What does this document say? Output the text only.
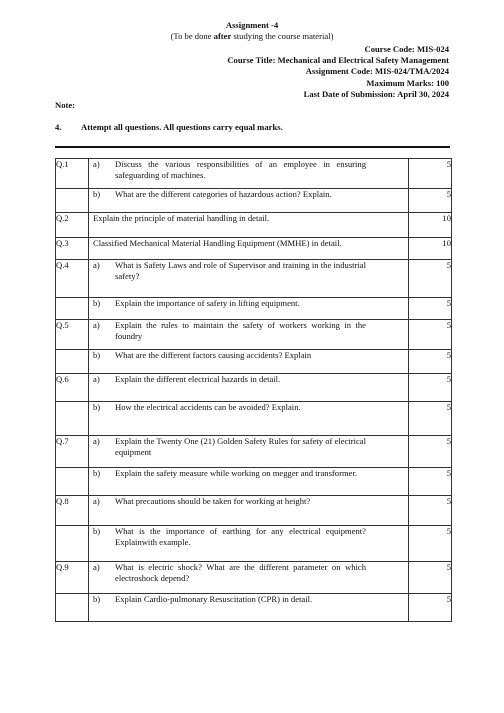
Assignment -4
(To be done after studying the course material)
Course Code: MIS-024
Course Title: Mechanical and Electrical Safety Management
Assignment Code: MIS-024/TMA/2024
Maximum Marks: 100
Last Date of Submission: April 30, 2024
Note:
4. Attempt all questions. All questions carry equal marks.
Q.1	a) Discuss the various responsibilities of an employee in ensuring safeguarding of machines.	5

	b) What are the different categories of hazardous action? Explain.	5
Q.2	Explain the principle of material handling in detail.	10
Q.3	Classified Mechanical Material Handling Equipment (MMHE) in detail.	10
Q.4	a) What is Safety Laws and role of Supervisor and training in the industrial safety?	5

	b) Explain the importance of safety in lifting equipment.	5
Q.5	a) Explain the rules to maintain the safety of workers working in the foundry	5

	b) What are the different factors causing accidents? Explain	5
Q.6	a) Explain the different electrical hazards in detail.	5

	b) How the electrical accidents can be avoided? Explain.	5
Q.7	a) Explain the Twenty One (21) Golden Safety Rules for safety of electrical equipment	5

	b) Explain the safety measure while working on megger and transformer.	5
Q.8	a) What precautions should be taken for working at height?	5

	b) What is the importance of earthing for any electrical equipment? Explainwith example.	5
Q.9	a) What is electric shock? What are the different parameter on which electroshock depend?	5

	b) Explain Cardio-pulmonary Resuscitation (CPR) in detail.	5
